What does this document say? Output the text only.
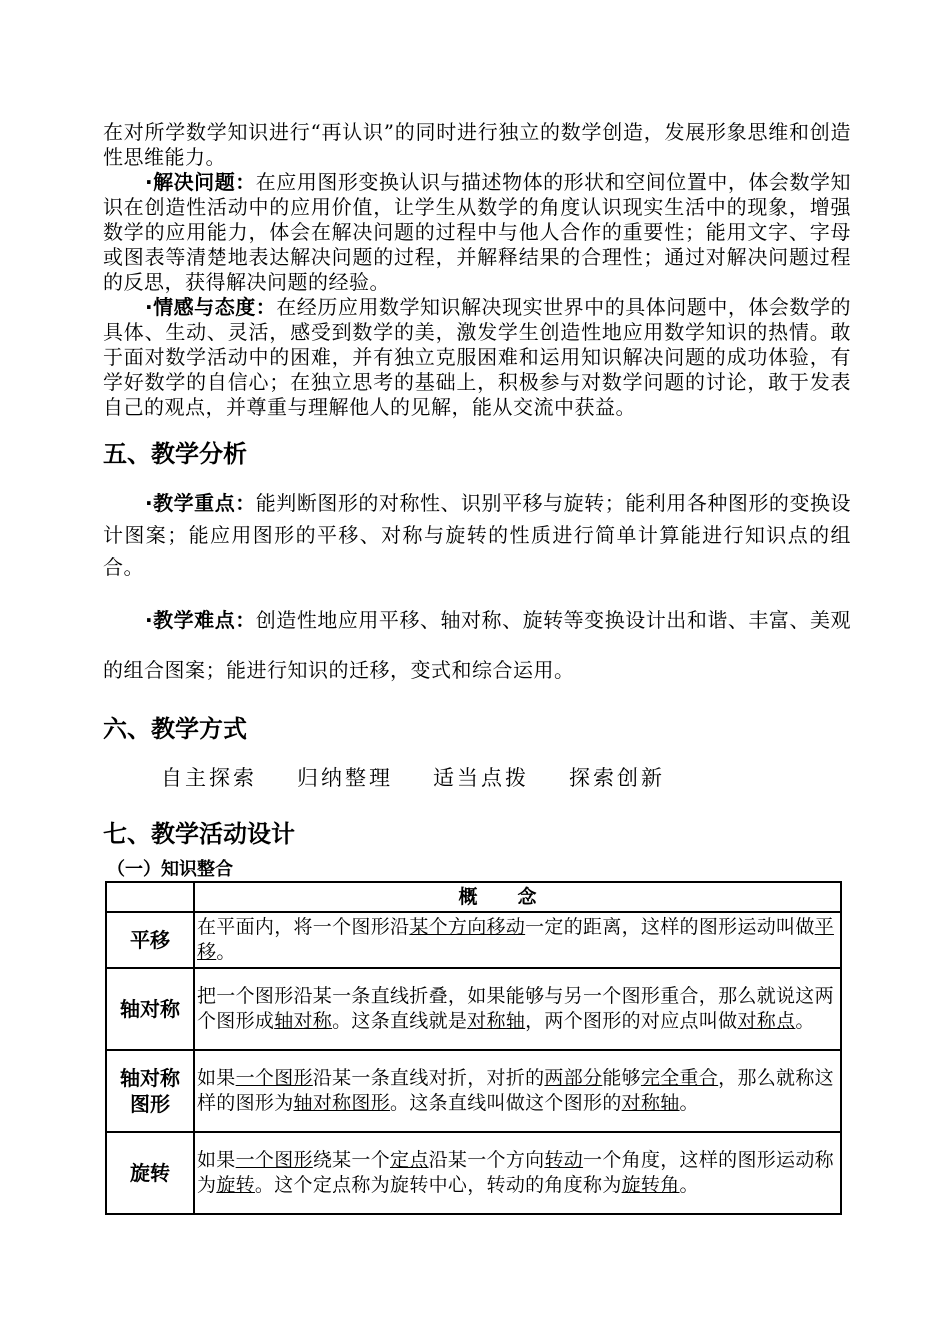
在对所学数学知识进行“再认识”的同时进行独立的数学创造，发展形象思维和创造性思维能力。

·解决问题：在应用图形变换认识与描述物体的形状和空间位置中，体会数学知识在创造性活动中的应用价值，让学生从数学的角度认识现实生活中的现象，增强数学的应用能力，体会在解决问题的过程中与他人合作的重要性；能用文字、字母或图表等清楚地表达解决问题的过程，并解释结果的合理性；通过对解决问题过程的反思，获得解决问题的经验。

·情感与态度：在经历应用数学知识解决现实世界中的具体问题中，体会数学的具体、生动、灵活，感受到数学的美，激发学生创造性地应用数学知识的热情。敢于面对数学活动中的困难，并有独立克服困难和运用知识解决问题的成功体验，有学好数学的自信心；在独立思考的基础上，积极参与对数学问题的讨论，敢于发表自己的观点，并尊重与理解他人的见解，能从交流中获益。

五、教学分析

·教学重点：能判断图形的对称性、识别平移与旋转；能利用各种图形的变换设计图案；能应用图形的平移、对称与旋转的性质进行简单计算能进行知识点的组合。

·教学难点：创造性地应用平移、轴对称、旋转等变换设计出和谐、丰富、美观的组合图案；能进行知识的迁移，变式和综合运用。

六、教学方式
自主探索 归纳整理 适当点拨 探索创新
七、教学活动设计
（一）知识整合
	概念
平移	在平面内，将一个图形沿某个方向移动一定的距离，这样的图形运动叫做平移。
轴对称	把一个图形沿某一条直线折叠，如果能够与另一个图形重合，那么就说这两个图形成轴对称。这条直线就是对称轴，两个图形的对应点叫做对称点。
轴对称图形	如果一个图形沿某一条直线对折，对折的两部分能够完全重合，那么就称这样的图形为轴对称图形。这条直线叫做这个图形的对称轴。
旋转	如果一个图形绕某一个定点沿某一个方向转动一个角度，这样的图形运动称为旋转。这个定点称为旋转中心，转动的角度称为旋转角。
